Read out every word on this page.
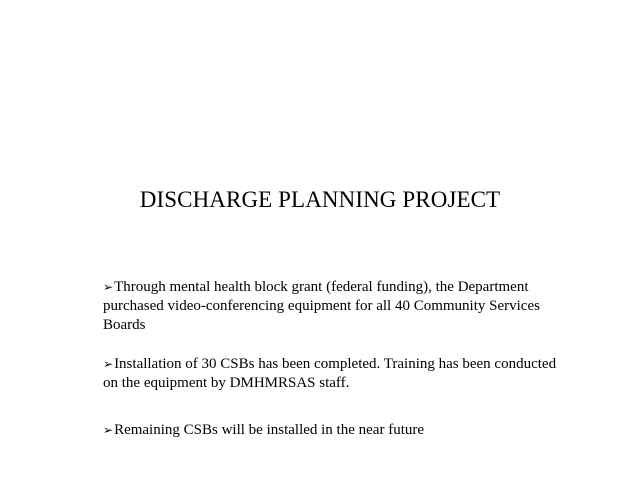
DISCHARGE PLANNING PROJECT
➢Through mental health block grant (federal funding), the Department purchased video-conferencing equipment for all 40 Community Services Boards
➢Installation of 30 CSBs has been completed. Training has been conducted on the equipment by DMHMRSAS staff.
➢Remaining CSBs will be installed in the near future
